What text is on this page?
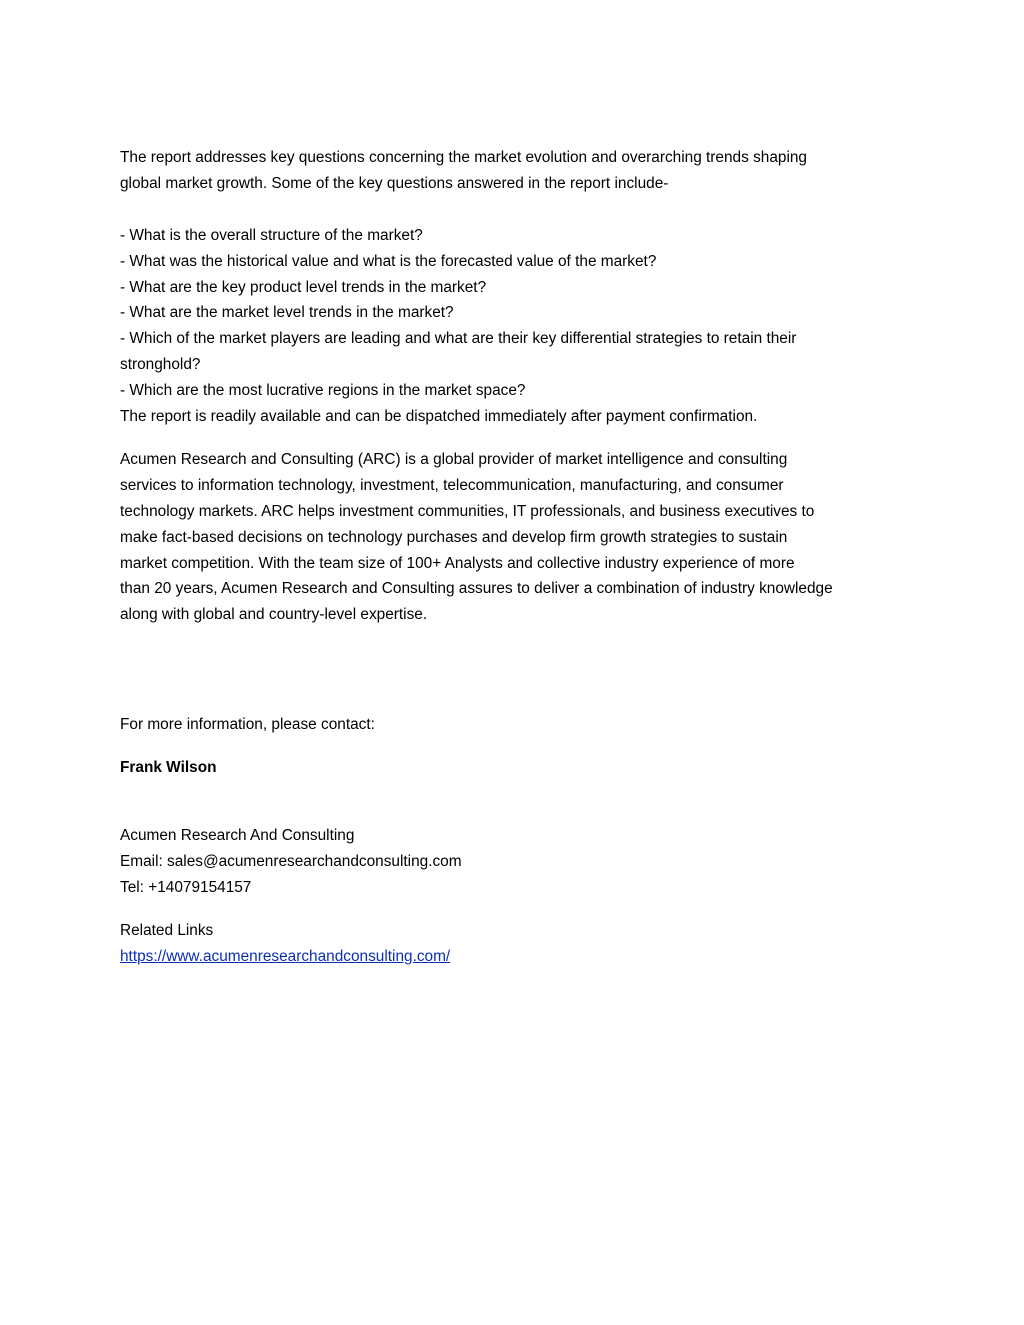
The report addresses key questions concerning the market evolution and overarching trends shaping

global market growth. Some of the key questions answered in the report include-

- What is the overall structure of the market?

- What was the historical value and what is the forecasted value of the market?

- What are the key product level trends in the market?

- What are the market level trends in the market?

- Which of the market players are leading and what are their key differential strategies to retain their

stronghold?

- Which are the most lucrative regions in the market space?

The report is readily available and can be dispatched immediately after payment confirmation.

Acumen Research and Consulting (ARC) is a global provider of market intelligence and consulting

services to information technology, investment, telecommunication, manufacturing, and consumer

technology markets. ARC helps investment communities, IT professionals, and business executives to

make fact-based decisions on technology purchases and develop firm growth strategies to sustain

market competition. With the team size of 100+ Analysts and collective industry experience of more

than 20 years, Acumen Research and Consulting assures to deliver a combination of industry knowledge

along with global and country-level expertise.

For more information, please contact:

Frank Wilson

Acumen Research And Consulting

Email: sales@acumenresearchandconsulting.com

Tel: +14079154157

Related Links

https://www.acumenresearchandconsulting.com/
